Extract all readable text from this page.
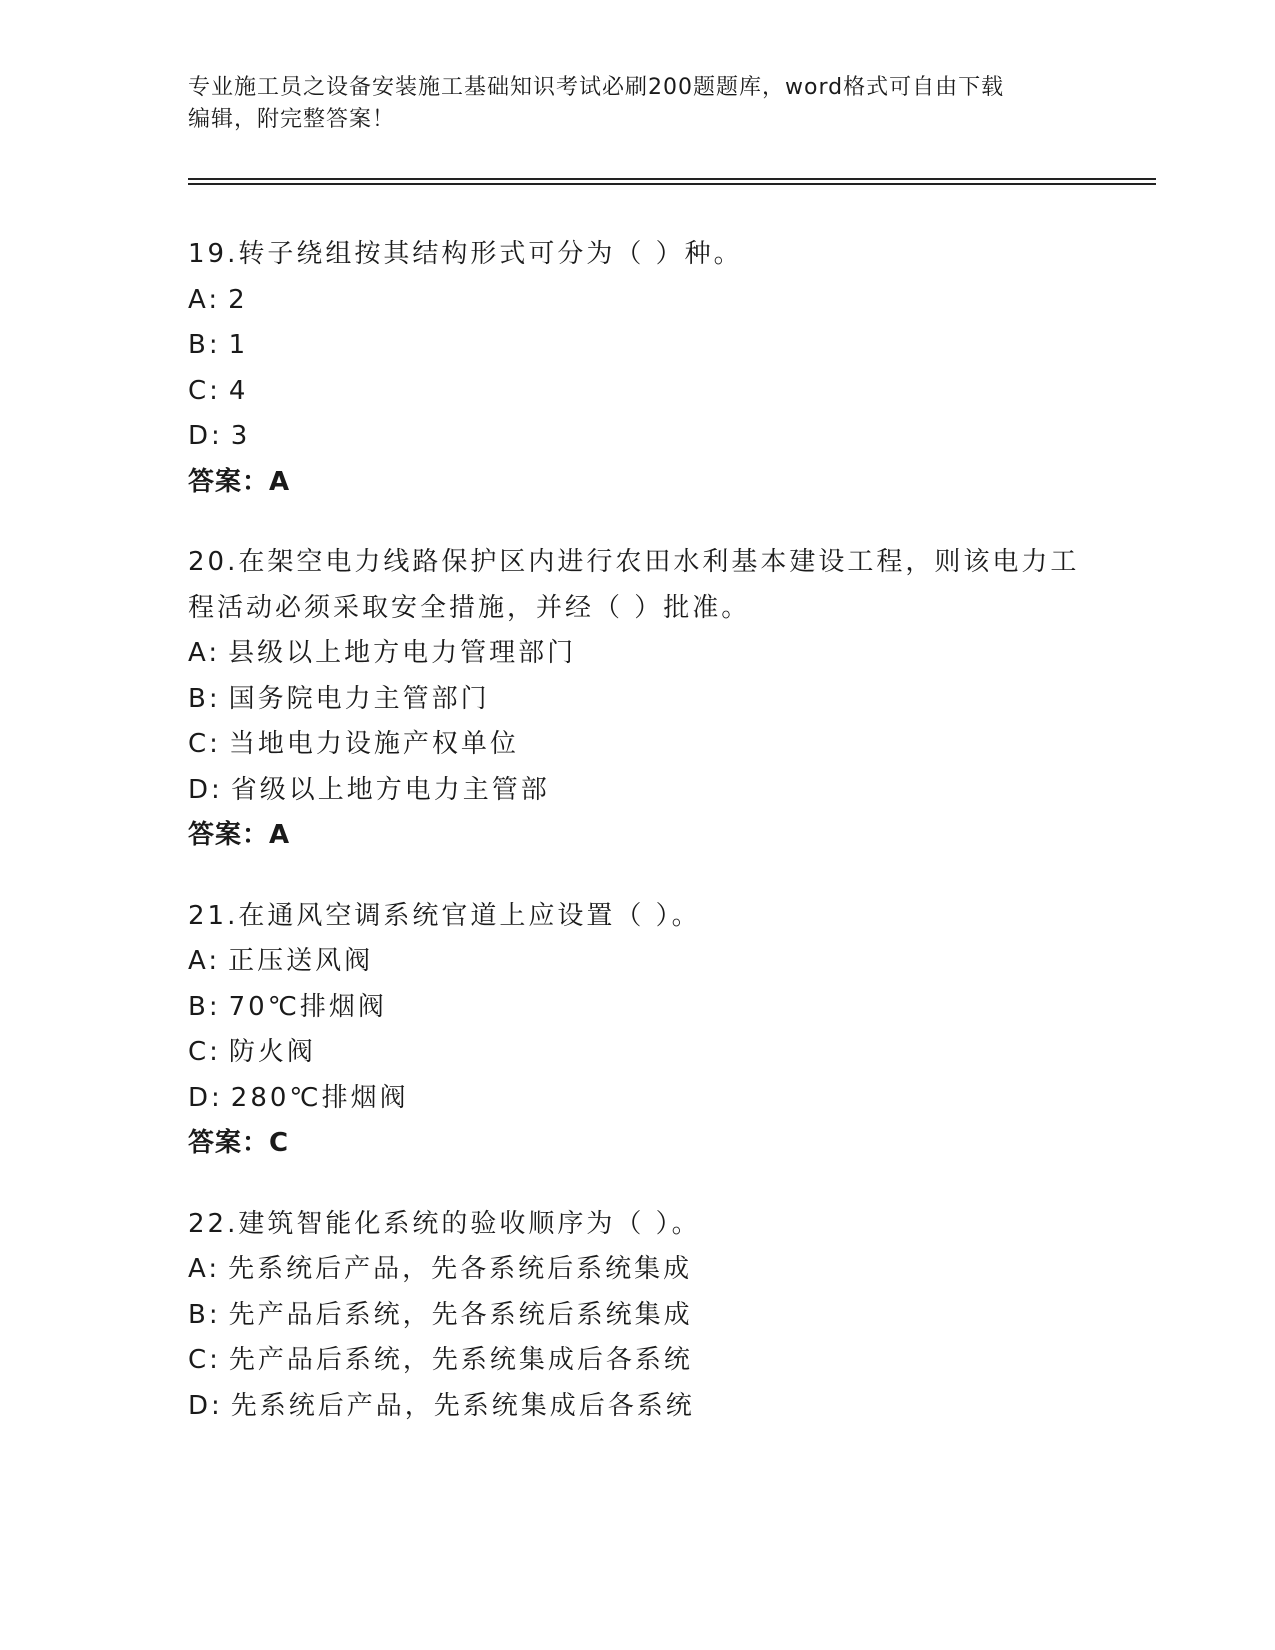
专业施工员之设备安装施工基础知识考试必刷200题题库，word格式可自由下载
编辑，附完整答案！
19.转子绕组按其结构形式可分为（ ）种。
A: 2
B: 1
C: 4
D: 3
答案：A
20.在架空电力线路保护区内进行农田水利基本建设工程，则该电力工
程活动必须采取安全措施，并经（ ）批准。
A: 县级以上地方电力管理部门
B: 国务院电力主管部门
C: 当地电力设施产权单位
D: 省级以上地方电力主管部
答案：A
21.在通风空调系统官道上应设置（ ）。
A: 正压送风阀
B: 70℃排烟阀
C: 防火阀
D: 280℃排烟阀
答案：C
22.建筑智能化系统的验收顺序为（ ）。
A: 先系统后产品，先各系统后系统集成
B: 先产品后系统，先各系统后系统集成
C: 先产品后系统，先系统集成后各系统
D: 先系统后产品，先系统集成后各系统
